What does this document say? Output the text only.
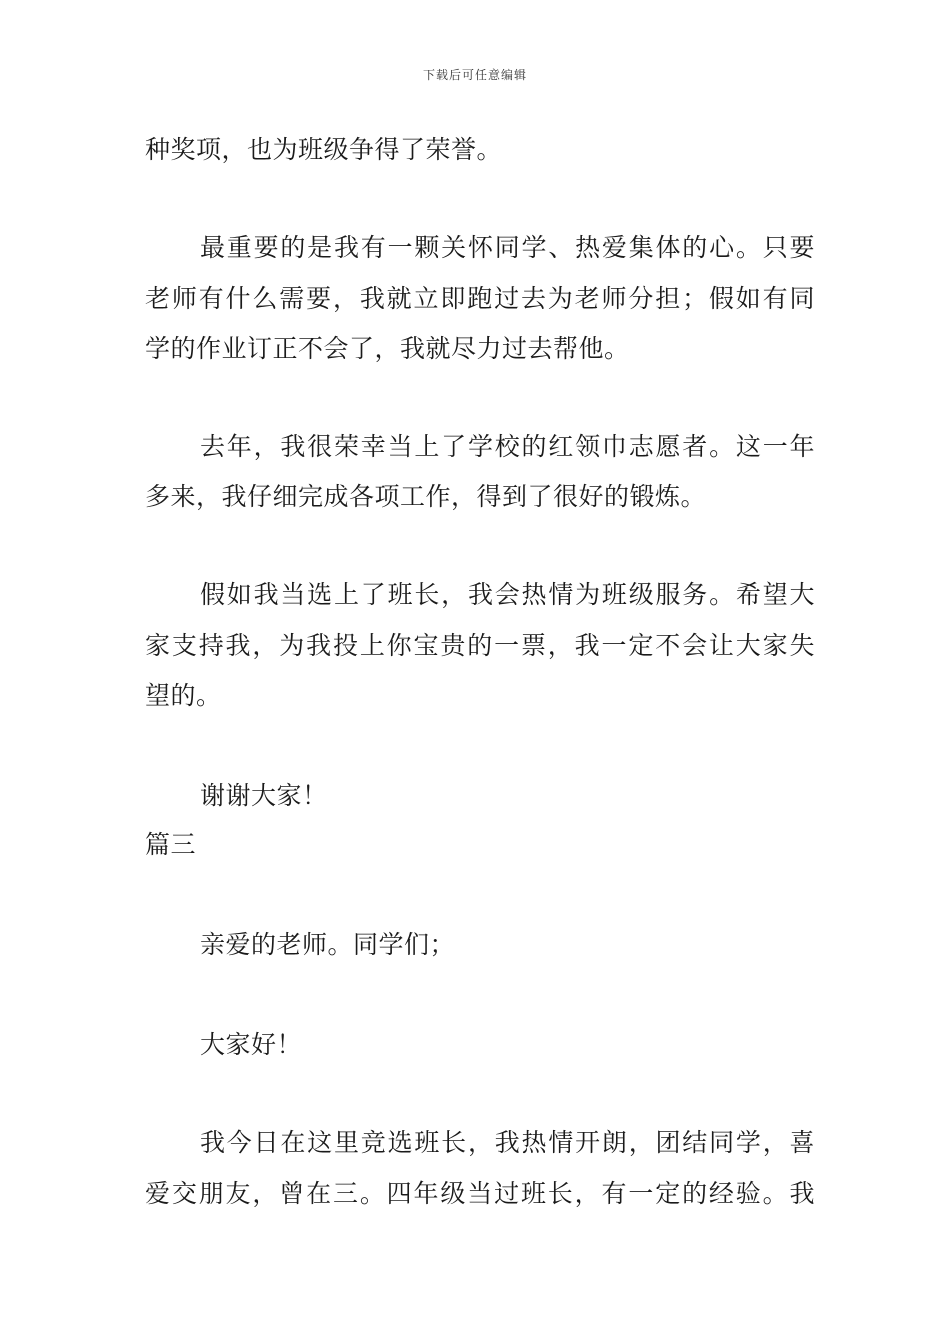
下载后可任意编辑
种奖项，也为班级争得了荣誉。
最重要的是我有一颗关怀同学、热爱集体的心。只要
老师有什么需要，我就立即跑过去为老师分担；假如有同
学的作业订正不会了，我就尽力过去帮他。
去年，我很荣幸当上了学校的红领巾志愿者。这一年
多来，我仔细完成各项工作，得到了很好的锻炼。
假如我当选上了班长，我会热情为班级服务。希望大
家支持我，为我投上你宝贵的一票，我一定不会让大家失
望的。
谢谢大家！
篇三
亲爱的老师。同学们；
大家好！
我今日在这里竞选班长，我热情开朗，团结同学，喜
爱交朋友，曾在三。四年级当过班长，有一定的经验。我
